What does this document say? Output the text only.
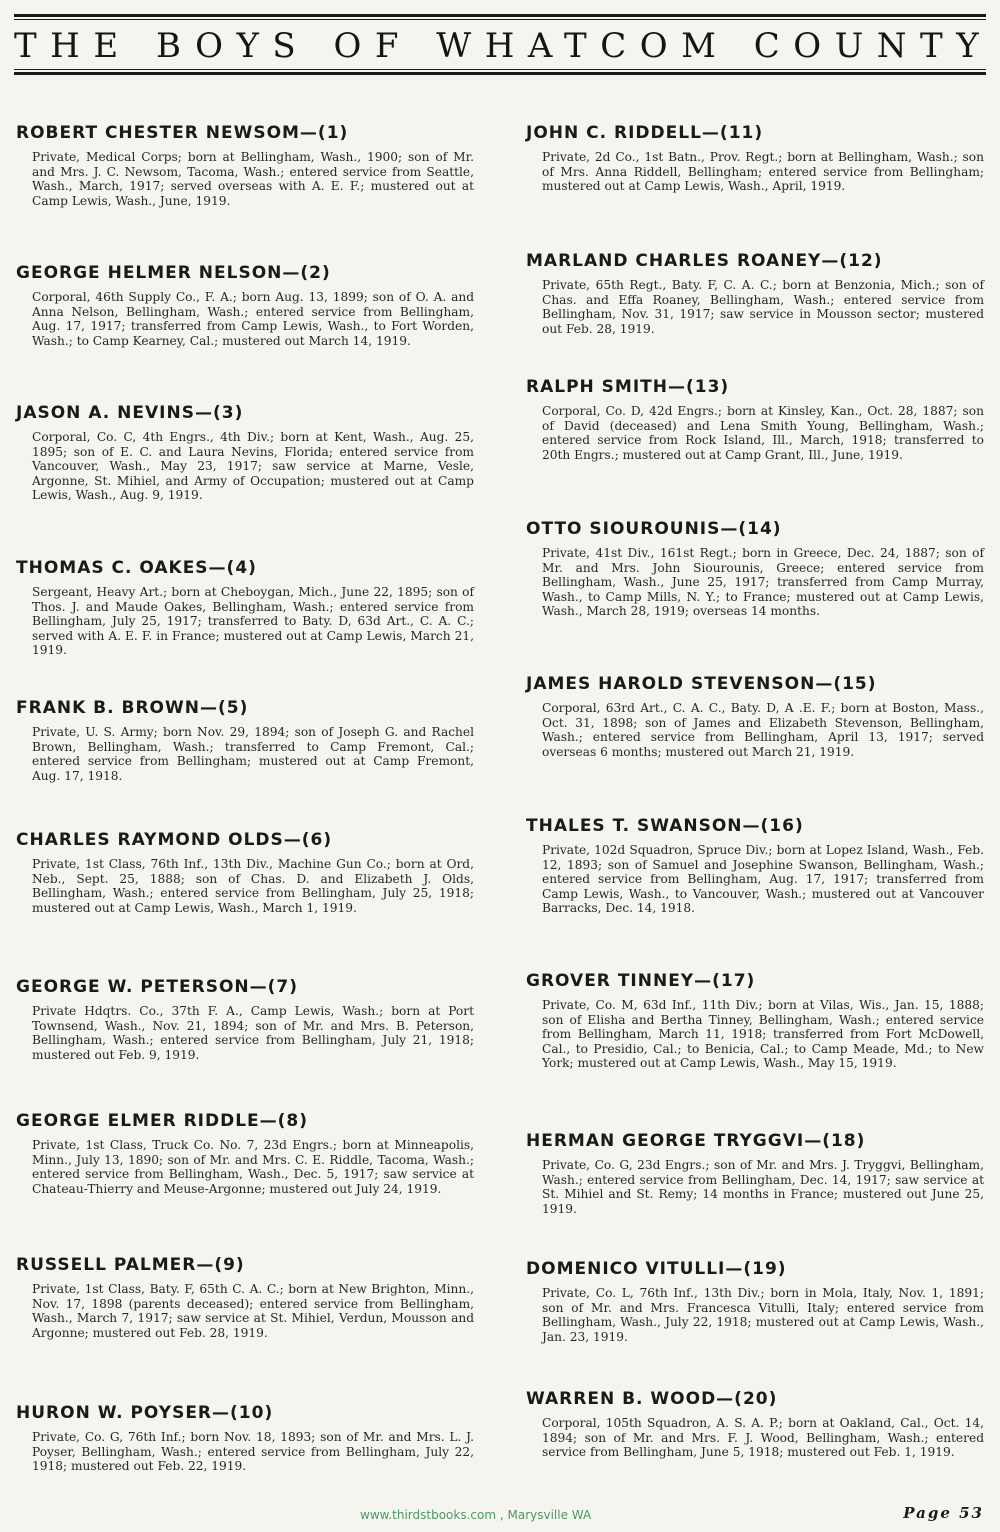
THE BOYS OF WHATCOM COUNTY
ROBERT CHESTER NEWSOM—(1)
Private, Medical Corps; born at Bellingham, Wash., 1900; son of Mr. and Mrs. J. C. Newsom, Tacoma, Wash.; entered service from Seattle, Wash., March, 1917; served overseas with A. E. F.; mustered out at Camp Lewis, Wash., June, 1919.
GEORGE HELMER NELSON—(2)
Corporal, 46th Supply Co., F. A.; born Aug. 13, 1899; son of O. A. and Anna Nelson, Bellingham, Wash.; entered service from Bellingham, Aug. 17, 1917; transferred from Camp Lewis, Wash., to Fort Worden, Wash.; to Camp Kearney, Cal.; mustered out March 14, 1919.
JASON A. NEVINS—(3)
Corporal, Co. C, 4th Engrs., 4th Div.; born at Kent, Wash., Aug. 25, 1895; son of E. C. and Laura Nevins, Florida; entered service from Vancouver, Wash., May 23, 1917; saw service at Marne, Vesle, Argonne, St. Mihiel, and Army of Occupation; mustered out at Camp Lewis, Wash., Aug. 9, 1919.
THOMAS C. OAKES—(4)
Sergeant, Heavy Art.; born at Cheboygan, Mich., June 22, 1895; son of Thos. J. and Maude Oakes, Bellingham, Wash.; entered service from Bellingham, July 25, 1917; transferred to Baty. D, 63d Art., C. A. C.; served with A. E. F. in France; mustered out at Camp Lewis, March 21, 1919.
FRANK B. BROWN—(5)
Private, U. S. Army; born Nov. 29, 1894; son of Joseph G. and Rachel Brown, Bellingham, Wash.; transferred to Camp Fremont, Cal.; entered service from Bellingham; mustered out at Camp Fremont, Aug. 17, 1918.
CHARLES RAYMOND OLDS—(6)
Private, 1st Class, 76th Inf., 13th Div., Machine Gun Co.; born at Ord, Neb., Sept. 25, 1888; son of Chas. D. and Elizabeth J. Olds, Bellingham, Wash.; entered service from Bellingham, July 25, 1918; mustered out at Camp Lewis, Wash., March 1, 1919.
GEORGE W. PETERSON—(7)
Private Hdqtrs. Co., 37th F. A., Camp Lewis, Wash.; born at Port Townsend, Wash., Nov. 21, 1894; son of Mr. and Mrs. B. Peterson, Bellingham, Wash.; entered service from Bellingham, July 21, 1918; mustered out Feb. 9, 1919.
GEORGE ELMER RIDDLE—(8)
Private, 1st Class, Truck Co. No. 7, 23d Engrs.; born at Minneapolis, Minn., July 13, 1890; son of Mr. and Mrs. C. E. Riddle, Tacoma, Wash.; entered service from Bellingham, Wash., Dec. 5, 1917; saw service at Chateau-Thierry and Meuse-Argonne; mustered out July 24, 1919.
RUSSELL PALMER—(9)
Private, 1st Class, Baty. F, 65th C. A. C.; born at New Brighton, Minn., Nov. 17, 1898 (parents deceased); entered service from Bellingham, Wash., March 7, 1917; saw service at St. Mihiel, Verdun, Mousson and Argonne; mustered out Feb. 28, 1919.
HURON W. POYSER—(10)
Private, Co. G, 76th Inf.; born Nov. 18, 1893; son of Mr. and Mrs. L. J. Poyser, Bellingham, Wash.; entered service from Bellingham, July 22, 1918; mustered out Feb. 22, 1919.
JOHN C. RIDDELL—(11)
Private, 2d Co., 1st Batn., Prov. Regt.; born at Bellingham, Wash.; son of Mrs. Anna Riddell, Bellingham; entered service from Bellingham; mustered out at Camp Lewis, Wash., April, 1919.
MARLAND CHARLES ROANEY—(12)
Private, 65th Regt., Baty. F, C. A. C.; born at Benzonia, Mich.; son of Chas. and Effa Roaney, Bellingham, Wash.; entered service from Bellingham, Nov. 31, 1917; saw service in Mousson sector; mustered out Feb. 28, 1919.
RALPH SMITH—(13)
Corporal, Co. D, 42d Engrs.; born at Kinsley, Kan., Oct. 28, 1887; son of David (deceased) and Lena Smith Young, Bellingham, Wash.; entered service from Rock Island, Ill., March, 1918; transferred to 20th Engrs.; mustered out at Camp Grant, Ill., June, 1919.
OTTO SIOUROUNIS—(14)
Private, 41st Div., 161st Regt.; born in Greece, Dec. 24, 1887; son of Mr. and Mrs. John Siourounis, Greece; entered service from Bellingham, Wash., June 25, 1917; transferred from Camp Murray, Wash., to Camp Mills, N. Y.; to France; mustered out at Camp Lewis, Wash., March 28, 1919; overseas 14 months.
JAMES HAROLD STEVENSON—(15)
Corporal, 63rd Art., C. A. C., Baty. D, A .E. F.; born at Boston, Mass., Oct. 31, 1898; son of James and Elizabeth Stevenson, Bellingham, Wash.; entered service from Bellingham, April 13, 1917; served overseas 6 months; mustered out March 21, 1919.
THALES T. SWANSON—(16)
Private, 102d Squadron, Spruce Div.; born at Lopez Island, Wash., Feb. 12, 1893; son of Samuel and Josephine Swanson, Bellingham, Wash.; entered service from Bellingham, Aug. 17, 1917; transferred from Camp Lewis, Wash., to Vancouver, Wash.; mustered out at Vancouver Barracks, Dec. 14, 1918.
GROVER TINNEY—(17)
Private, Co. M, 63d Inf., 11th Div.; born at Vilas, Wis., Jan. 15, 1888; son of Elisha and Bertha Tinney, Bellingham, Wash.; entered service from Bellingham, March 11, 1918; transferred from Fort McDowell, Cal., to Presidio, Cal.; to Benicia, Cal.; to Camp Meade, Md.; to New York; mustered out at Camp Lewis, Wash., May 15, 1919.
HERMAN GEORGE TRYGGVI—(18)
Private, Co. G, 23d Engrs.; son of Mr. and Mrs. J. Tryggvi, Bellingham, Wash.; entered service from Bellingham, Dec. 14, 1917; saw service at St. Mihiel and St. Remy; 14 months in France; mustered out June 25, 1919.
DOMENICO VITULLI—(19)
Private, Co. L, 76th Inf., 13th Div.; born in Mola, Italy, Nov. 1, 1891; son of Mr. and Mrs. Francesca Vitulli, Italy; entered service from Bellingham, Wash., July 22, 1918; mustered out at Camp Lewis, Wash., Jan. 23, 1919.
WARREN B. WOOD—(20)
Corporal, 105th Squadron, A. S. A. P.; born at Oakland, Cal., Oct. 14, 1894; son of Mr. and Mrs. F. J. Wood, Bellingham, Wash.; entered service from Bellingham, June 5, 1918; mustered out Feb. 1, 1919.
www.thirdstbooks.com , Marysville WA	Page 53
